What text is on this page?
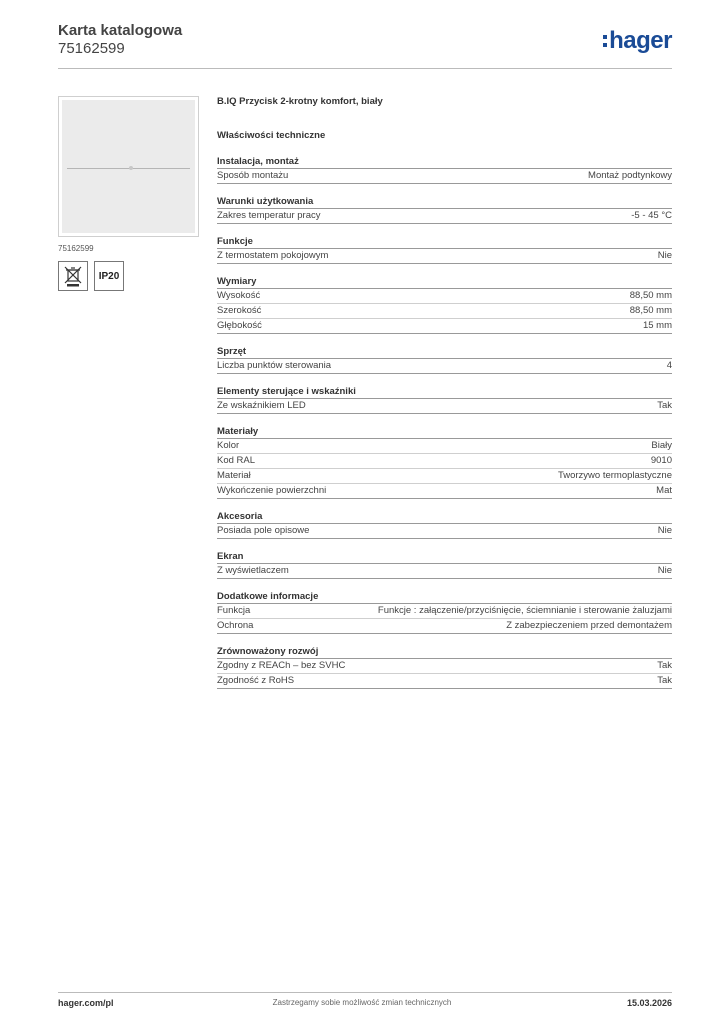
Karta katalogowa
75162599	hager
75162599
IP20
B.IQ Przycisk 2-krotny komfort, biały
Właściwości techniczne
Instalacja, montaż
Sposób montażu	Montaż podtynkowy
Warunki użytkowania
Zakres temperatur pracy	-5 - 45 °C
Funkcje
Z termostatem pokojowym	Nie
Wymiary
Wysokość	88,50 mm
Szerokość	88,50 mm
Głębokość	15 mm
Sprzęt
Liczba punktów sterowania	4
Elementy sterujące i wskaźniki
Ze wskaźnikiem LED	Tak
Materiały
Kolor	Biały
Kod RAL	9010
Materiał	Tworzywo termoplastyczne
Wykończenie powierzchni	Mat
Akcesoria
Posiada pole opisowe	Nie
Ekran
Z wyświetlaczem	Nie
Dodatkowe informacje
Funkcja	Funkcje : załączenie/przyciśnięcie, ściemnianie i sterowanie żaluzjami
Ochrona	Z zabezpieczeniem przed demontażem
Zrównoważony rozwój
Zgodny z REACh – bez SVHC	Tak
Zgodność z RoHS	Tak
hager.com/pl	Zastrzegamy sobie możliwość zmian technicznych	15.03.2026
